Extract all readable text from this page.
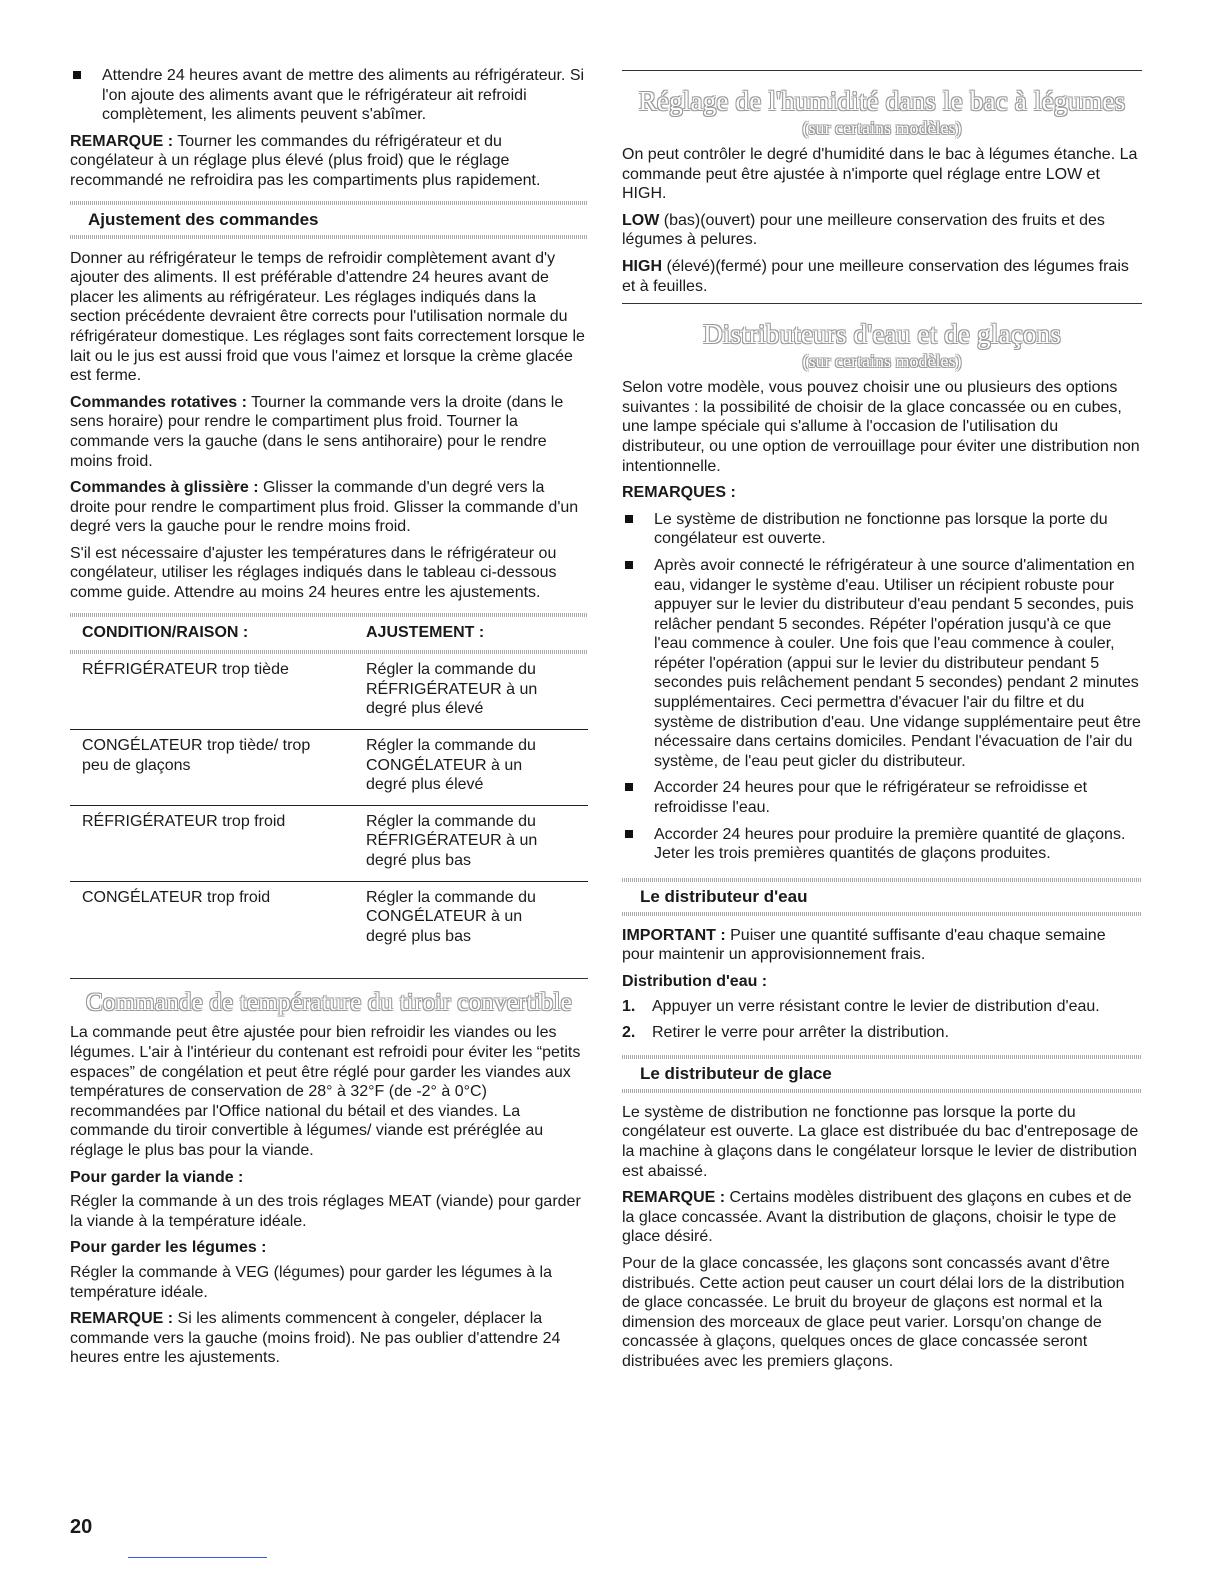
Attendre 24 heures avant de mettre des aliments au réfrigérateur. Si l'on ajoute des aliments avant que le réfrigérateur ait refroidi complètement, les aliments peuvent s'abîmer.

REMARQUE : Tourner les commandes du réfrigérateur et du congélateur à un réglage plus élevé (plus froid) que le réglage recommandé ne refroidira pas les compartiments plus rapidement.

Ajustement des commandes

Donner au réfrigérateur le temps de refroidir complètement avant d'y ajouter des aliments. Il est préférable d'attendre 24 heures avant de placer les aliments au réfrigérateur. Les réglages indiqués dans la section précédente devraient être corrects pour l'utilisation normale du réfrigérateur domestique. Les réglages sont faits correctement lorsque le lait ou le jus est aussi froid que vous l'aimez et lorsque la crème glacée est ferme.

Commandes rotatives : Tourner la commande vers la droite (dans le sens horaire) pour rendre le compartiment plus froid. Tourner la commande vers la gauche (dans le sens antihoraire) pour le rendre moins froid.

Commandes à glissière : Glisser la commande d'un degré vers la droite pour rendre le compartiment plus froid. Glisser la commande d'un degré vers la gauche pour le rendre moins froid.

S'il est nécessaire d'ajuster les températures dans le réfrigérateur ou congélateur, utiliser les réglages indiqués dans le tableau ci-dessous comme guide. Attendre au moins 24 heures entre les ajustements.

CONDITION/RAISON :	AJUSTEMENT :

RÉFRIGÉRATEUR trop tiède	Régler la commande du RÉFRIGÉRATEUR à un degré plus élevé
CONGÉLATEUR trop tiède/ trop peu de glaçons	Régler la commande du CONGÉLATEUR à un degré plus élevé
RÉFRIGÉRATEUR trop froid	Régler la commande du RÉFRIGÉRATEUR à un degré plus bas
CONGÉLATEUR trop froid	Régler la commande du CONGÉLATEUR à un degré plus bas
Commande de température du tiroir convertible

La commande peut être ajustée pour bien refroidir les viandes ou les légumes. L'air à l'intérieur du contenant est refroidi pour éviter les “petits espaces” de congélation et peut être réglé pour garder les viandes aux températures de conservation de 28° à 32°F (de -2° à 0°C) recommandées par l'Office national du bétail et des viandes. La commande du tiroir convertible à légumes/ viande est préréglée au réglage le plus bas pour la viande.

Pour garder la viande :

Régler la commande à un des trois réglages MEAT (viande) pour garder la viande à la température idéale.

Pour garder les légumes :

Régler la commande à VEG (légumes) pour garder les légumes à la température idéale.

REMARQUE : Si les aliments commencent à congeler, déplacer la commande vers la gauche (moins froid). Ne pas oublier d'attendre 24 heures entre les ajustements.

Réglage de l'humidité dans le bac à légumes
(sur certains modèles)

On peut contrôler le degré d'humidité dans le bac à légumes étanche. La commande peut être ajustée à n'importe quel réglage entre LOW et HIGH.

LOW (bas)(ouvert) pour une meilleure conservation des fruits et des légumes à pelures.

HIGH (élevé)(fermé) pour une meilleure conservation des légumes frais et à feuilles.

Distributeurs d'eau et de glaçons
(sur certains modèles)

Selon votre modèle, vous pouvez choisir une ou plusieurs des options suivantes : la possibilité de choisir de la glace concassée ou en cubes, une lampe spéciale qui s'allume à l'occasion de l'utilisation du distributeur, ou une option de verrouillage pour éviter une distribution non intentionnelle.

REMARQUES :
Le système de distribution ne fonctionne pas lorsque la porte du congélateur est ouverte.
Après avoir connecté le réfrigérateur à une source d'alimentation en eau, vidanger le système d'eau. Utiliser un récipient robuste pour appuyer sur le levier du distributeur d'eau pendant 5 secondes, puis relâcher pendant 5 secondes. Répéter l'opération jusqu'à ce que l'eau commence à couler. Une fois que l'eau commence à couler, répéter l'opération (appui sur le levier du distributeur pendant 5 secondes puis relâchement pendant 5 secondes) pendant 2 minutes supplémentaires. Ceci permettra d'évacuer l'air du filtre et du système de distribution d'eau. Une vidange supplémentaire peut être nécessaire dans certains domiciles. Pendant l'évacuation de l'air du système, de l'eau peut gicler du distributeur.
Accorder 24 heures pour que le réfrigérateur se refroidisse et refroidisse l'eau.
Accorder 24 heures pour produire la première quantité de glaçons. Jeter les trois premières quantités de glaçons produites.
Le distributeur d'eau

IMPORTANT : Puiser une quantité suffisante d'eau chaque semaine pour maintenir un approvisionnement frais.

Distribution d'eau :
1. Appuyer un verre résistant contre le levier de distribution d'eau.
2. Retirer le verre pour arrêter la distribution.
Le distributeur de glace

Le système de distribution ne fonctionne pas lorsque la porte du congélateur est ouverte. La glace est distribuée du bac d'entreposage de la machine à glaçons dans le congélateur lorsque le levier de distribution est abaissé.

REMARQUE : Certains modèles distribuent des glaçons en cubes et de la glace concassée. Avant la distribution de glaçons, choisir le type de glace désiré.

Pour de la glace concassée, les glaçons sont concassés avant d'être distribués. Cette action peut causer un court délai lors de la distribution de glace concassée. Le bruit du broyeur de glaçons est normal et la dimension des morceaux de glace peut varier. Lorsqu'on change de concassée à glaçons, quelques onces de glace concassée seront distribuées avec les premiers glaçons.

20
